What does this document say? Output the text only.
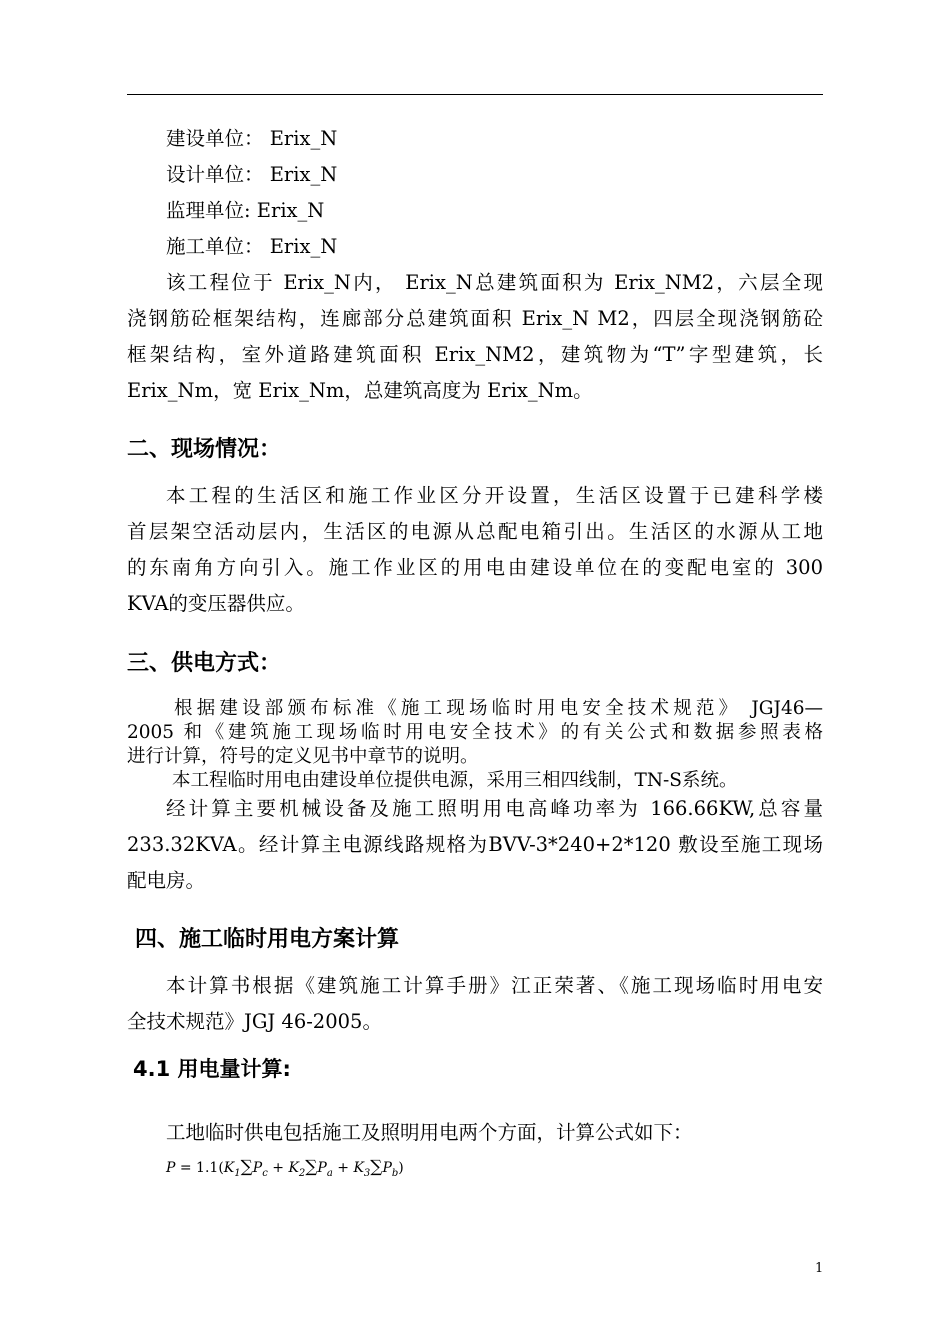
建设单位： Erix_N
设计单位： Erix_N
监理单位: Erix_N
施工单位： Erix_N
该工程位于 Erix_N内， Erix_N总建筑面积为 Erix_NM2，六层全现
浇钢筋砼框架结构，连廊部分总建筑面积 Erix_N M2，四层全现浇钢筋砼
框架结构，室外道路建筑面积 Erix_NM2，建筑物为“T”字型建筑，长
Erix_Nm，宽 Erix_Nm，总建筑高度为 Erix_Nm。
二、现场情况：
本工程的生活区和施工作业区分开设置，生活区设置于已建科学楼
首层架空活动层内，生活区的电源从总配电箱引出。生活区的水源从工地
的东南角方向引入。施工作业区的用电由建设单位在的变配电室的 300
KVA的变压器供应。
三、供电方式：
根据建设部颁布标准《施工现场临时用电安全技术规范》 JGJ46—
2005 和《建筑施工现场临时用电安全技术》的有关公式和数据参照表格
进行计算，符号的定义见书中章节的说明。
本工程临时用电由建设单位提供电源，采用三相四线制，TN-S系统。
经计算主要机械设备及施工照明用电高峰功率为 166.66KW,总容量
233.32KVA。经计算主电源线路规格为BVV-3*240+2*120 敷设至施工现场
配电房。
四、施工临时用电方案计算
本计算书根据《建筑施工计算手册》江正荣著、《施工现场临时用电安
全技术规范》JGJ 46-2005。
4.1 用电量计算:
工地临时供电包括施工及照明用电两个方面，计算公式如下：
$P = 1.1(K_1\sum P_c + K_2\sum P_a + K_3\sum P_b)$
1
